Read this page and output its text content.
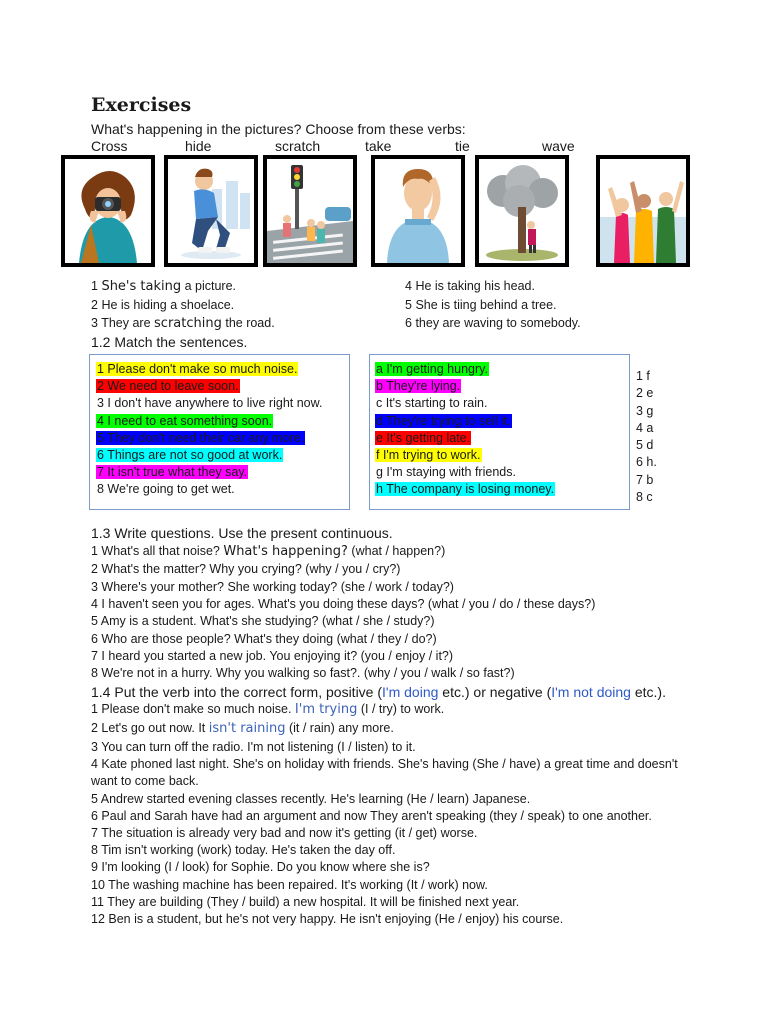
Exercises
What's happening in the pictures? Choose from these verbs:
Cross	hide	scratch	take	tie	wave
1 She's taking a picture.
2 He is hiding a shoelace.
3 They are scratching the road.
4 He is taking his head.
5 She is tiing behind a tree.
6 they are waving to somebody.
1.2 Match the sentences.
1 Please don't make so much noise.
2 We need to leave soon.
3 I don't have anywhere to live right now.
4 I need to eat something soon.
5 They don't need their car any more.
6 Things are not so good at work.
7 It isn't true what they say.
8 We're going to get wet.
a I'm getting hungry.
b They're lying.
c It's starting to rain.
d They're trying to sell it.
e It's getting late.
f I'm trying to work.
g I'm staying with friends.
h The company is losing money.
1 f
2 e
3 g
4 a
5 d
6 h.
7 b
8 c
1.3 Write questions. Use the present continuous.
1 What's all that noise? What's happening? (what / happen?)
2 What's the matter? Why you crying? (why / you / cry?)
3 Where's your mother? She working today? (she / work / today?)
4 I haven't seen you for ages. What's you doing these days? (what / you / do / these days?)
5 Amy is a student. What's she studying? (what / she / study?)
6 Who are those people? What's they doing (what / they / do?)
7 I heard you started a new job. You enjoying it? (you / enjoy / it?)
8 We're not in a hurry. Why you walking so fast?. (why / you / walk / so fast?)
1.4 Put the verb into the correct form, positive (I'm doing etc.) or negative (I'm not doing etc.).
1 Please don't make so much noise. I'm trying (I / try) to work.
2 Let's go out now. It isn't raining (it / rain) any more.
3 You can turn off the radio. I'm not listening (I / listen) to it.
4 Kate phoned last night. She's on holiday with friends. She's having (She / have) a great time and doesn't
want to come back.
5 Andrew started evening classes recently. He's learning (He / learn) Japanese.
6 Paul and Sarah have had an argument and now They aren't speaking (they / speak) to one another.
7 The situation is already very bad and now it's getting (it / get) worse.
8 Tim isn't working (work) today. He's taken the day off.
9 I'm looking (I / look) for Sophie. Do you know where she is?
10 The washing machine has been repaired. It's working (It / work) now.
11 They are building (They / build) a new hospital. It will be finished next year.
12 Ben is a student, but he's not very happy. He isn't enjoying (He / enjoy) his course.
